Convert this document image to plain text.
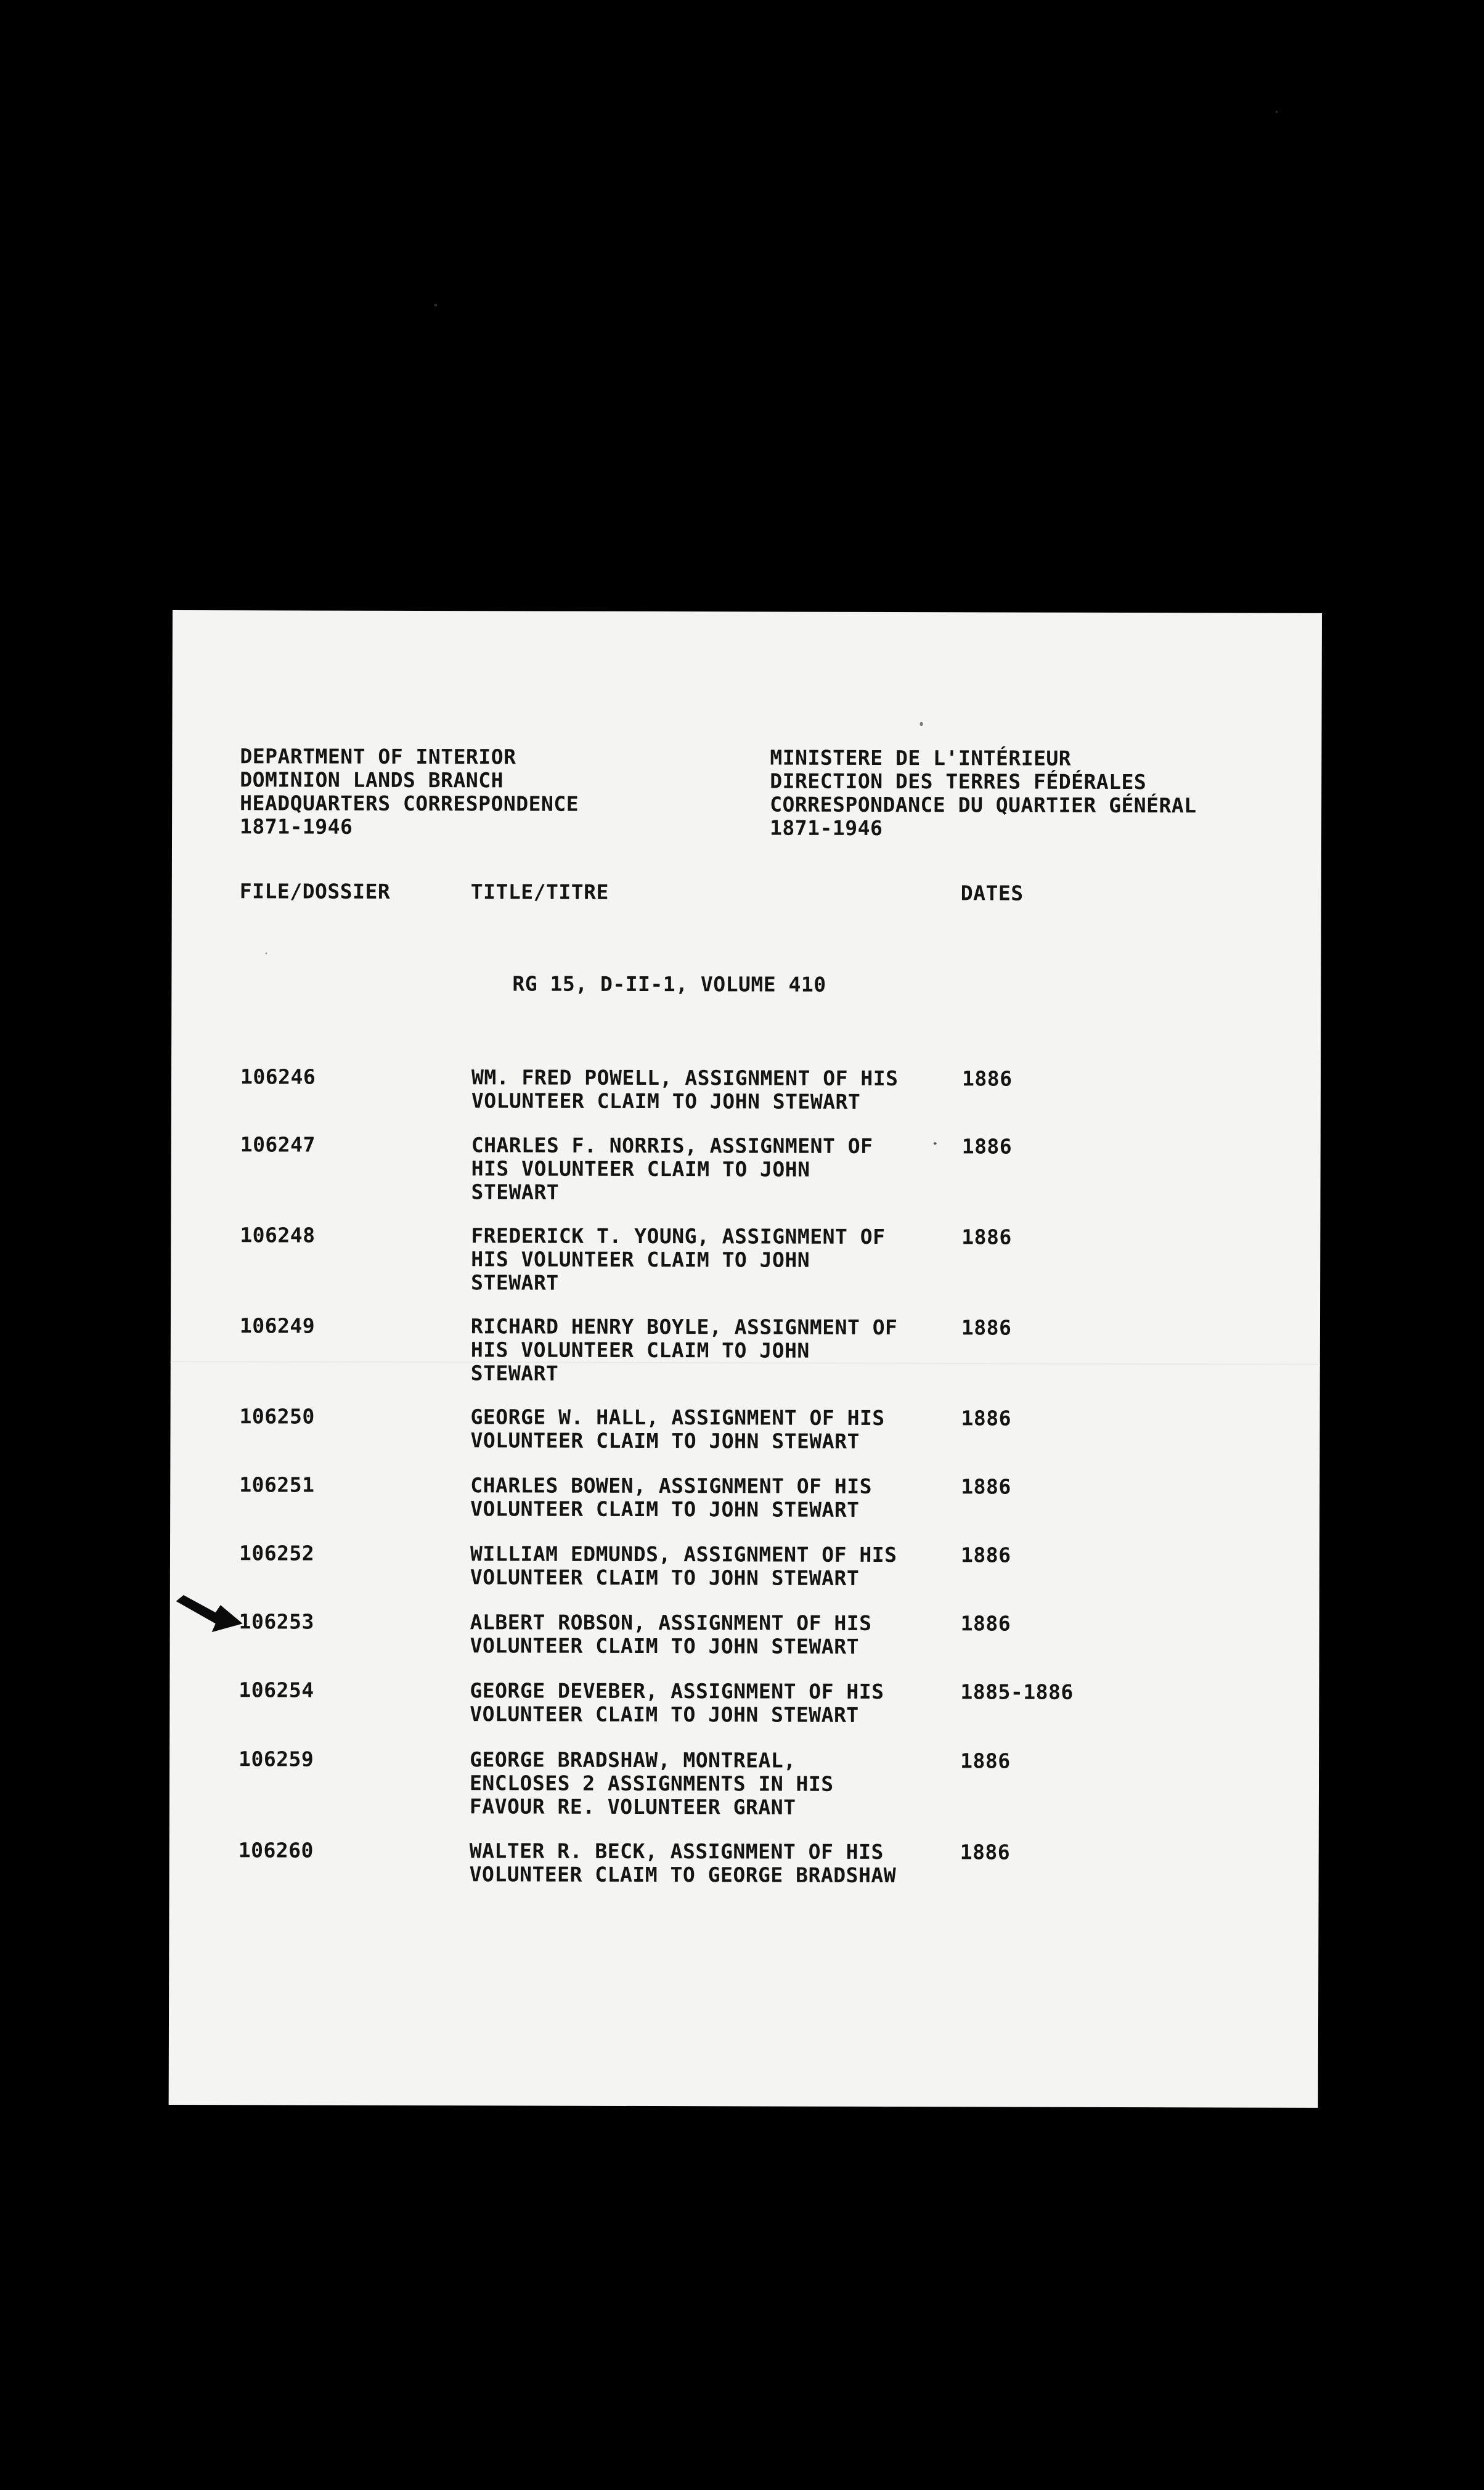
DEPARTMENT OF INTERIOR
DOMINION LANDS BRANCH
HEADQUARTERS CORRESPONDENCE
1871-1946
MINISTERE DE L'INTÉRIEUR
DIRECTION DES TERRES FÉDÉRALES
CORRESPONDANCE DU QUARTIER GÉNÉRAL
1871-1946
FILE/DOSSIER	TITLE/TITRE	DATES
RG 15, D-II-1, VOLUME 410
106246	WM. FRED POWELL, ASSIGNMENT OF HIS
VOLUNTEER CLAIM TO JOHN STEWART
1886
106247	CHARLES F. NORRIS, ASSIGNMENT OF
HIS VOLUNTEER CLAIM TO JOHN
STEWART
1886
106248	FREDERICK T. YOUNG, ASSIGNMENT OF
HIS VOLUNTEER CLAIM TO JOHN
STEWART
1886
106249	RICHARD HENRY BOYLE, ASSIGNMENT OF
HIS VOLUNTEER CLAIM TO JOHN
STEWART
1886
106250	GEORGE W. HALL, ASSIGNMENT OF HIS
VOLUNTEER CLAIM TO JOHN STEWART
1886
106251	CHARLES BOWEN, ASSIGNMENT OF HIS
VOLUNTEER CLAIM TO JOHN STEWART
1886
106252	WILLIAM EDMUNDS, ASSIGNMENT OF HIS
VOLUNTEER CLAIM TO JOHN STEWART
1886
106253	ALBERT ROBSON, ASSIGNMENT OF HIS
VOLUNTEER CLAIM TO JOHN STEWART
1886
106254	GEORGE DEVEBER, ASSIGNMENT OF HIS
VOLUNTEER CLAIM TO JOHN STEWART
1885-1886
106259	GEORGE BRADSHAW, MONTREAL,
ENCLOSES 2 ASSIGNMENTS IN HIS
FAVOUR RE. VOLUNTEER GRANT
1886
106260	WALTER R. BECK, ASSIGNMENT OF HIS
VOLUNTEER CLAIM TO GEORGE BRADSHAW
1886
